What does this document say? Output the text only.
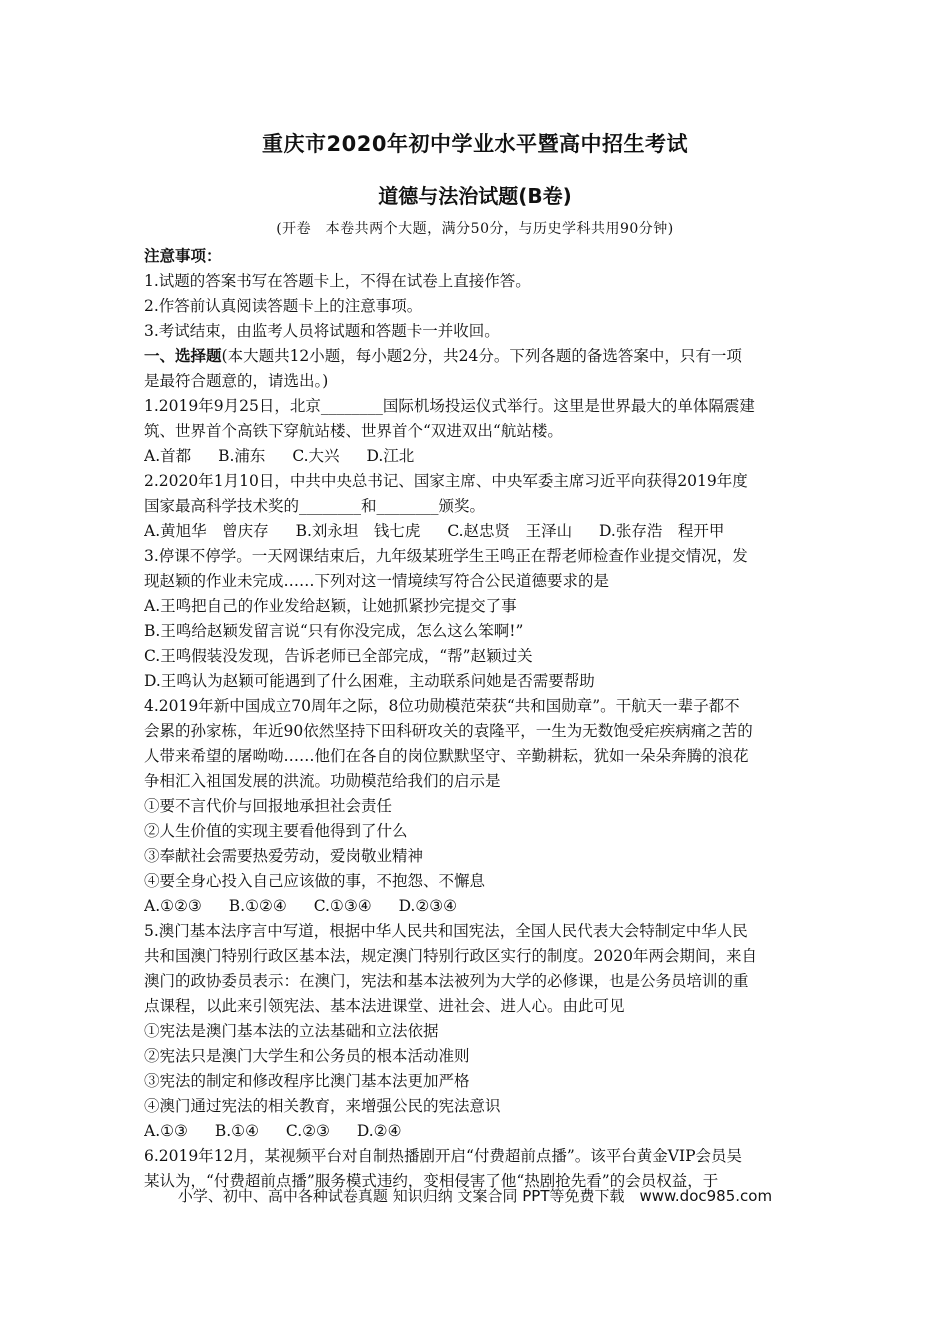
重庆市2020年初中学业水平暨高中招生考试
道德与法治试题(B卷)
(开卷　本卷共两个大题，满分50分，与历史学科共用90分钟)
注意事项：
1.试题的答案书写在答题卡上，不得在试卷上直接作答。
2.作答前认真阅读答题卡上的注意事项。
3.考试结束，由监考人员将试题和答题卡一并收回。
一、选择题(本大题共12小题，每小题2分，共24分。下列各题的备选答案中，只有一项
是最符合题意的，请选出。)
1.2019年9月25日，北京________国际机场投运仪式举行。这里是世界最大的单体隔震建
筑、世界首个高铁下穿航站楼、世界首个“双进双出“航站楼。
A.首都 B.浦东 C.大兴 D.江北
2.2020年1月10日，中共中央总书记、国家主席、中央军委主席习近平向获得2019年度
国家最高科学技术奖的________和________颁奖。
A.黄旭华　曾庆存 B.刘永坦　钱七虎 C.赵忠贤　王泽山 D.张存浩　程开甲
3.停课不停学。一天网课结束后，九年级某班学生王鸣正在帮老师检查作业提交情况，发
现赵颖的作业未完成……下列对这一情境续写符合公民道德要求的是
A.王鸣把自己的作业发给赵颖，让她抓紧抄完提交了事
B.王鸣给赵颖发留言说“只有你没完成，怎么这么笨啊!”
C.王鸣假装没发现，告诉老师已全部完成，“帮”赵颖过关
D.王鸣认为赵颖可能遇到了什么困难，主动联系问她是否需要帮助
4.2019年新中国成立70周年之际，8位功勋模范荣获“共和国勋章”。干航天一辈子都不
会累的孙家栋，年近90依然坚持下田科研攻关的袁隆平，一生为无数饱受疟疾病痛之苦的
人带来希望的屠呦呦……他们在各自的岗位默默坚守、辛勤耕耘，犹如一朵朵奔腾的浪花
争相汇入祖国发展的洪流。功勋模范给我们的启示是
①要不言代价与回报地承担社会责任
②人生价值的实现主要看他得到了什么
③奉献社会需要热爱劳动，爱岗敬业精神
④要全身心投入自己应该做的事，不抱怨、不懈息
A.①②③ B.①②④ C.①③④ D.②③④
5.澳门基本法序言中写道，根据中华人民共和国宪法，全国人民代表大会特制定中华人民
共和国澳门特别行政区基本法，规定澳门特别行政区实行的制度。2020年两会期间，来自
澳门的政协委员表示：在澳门，宪法和基本法被列为大学的必修课，也是公务员培训的重
点课程，以此来引领宪法、基本法进课堂、进社会、进人心。由此可见
①宪法是澳门基本法的立法基础和立法依据
②宪法只是澳门大学生和公务员的根本活动准则
③宪法的制定和修改程序比澳门基本法更加严格
④澳门通过宪法的相关教育，来增强公民的宪法意识
A.①③ B.①④ C.②③ D.②④
6.2019年12月，某视频平台对自制热播剧开启“付费超前点播”。该平台黄金VIP会员吴
某认为，“付费超前点播”服务模式违约，变相侵害了他“热剧抢先看”的会员权益，于
小学、初中、高中各种试卷真题 知识归纳 文案合同 PPT等免费下载　www.doc985.com
